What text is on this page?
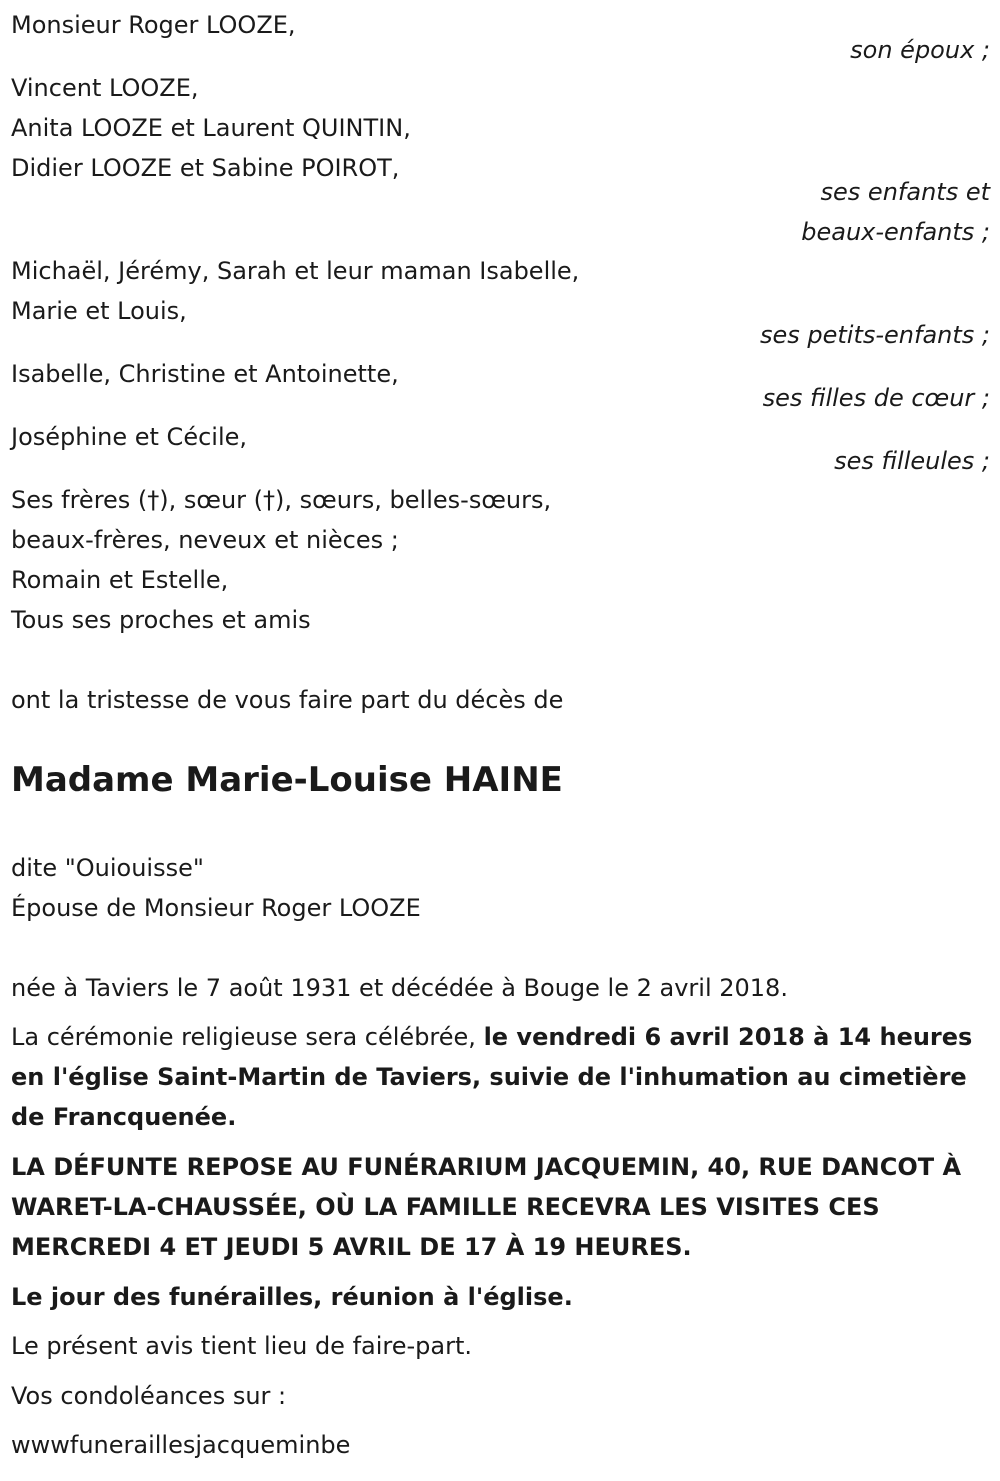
Monsieur Roger LOOZE,
son époux ;
Vincent LOOZE,
Anita LOOZE et Laurent QUINTIN,
Didier LOOZE et Sabine POIROT,
ses enfants et
beaux-enfants ;
Michaël, Jérémy, Sarah et leur maman Isabelle,
Marie et Louis,
ses petits-enfants ;
Isabelle, Christine et Antoinette,
ses filles de cœur ;
Joséphine et Cécile,
ses filleules ;
Ses frères (†), sœur (†), sœurs, belles-sœurs,
beaux-frères, neveux et nièces ;
Romain et Estelle,
Tous ses proches et amis
ont la tristesse de vous faire part du décès de
Madame Marie-Louise HAINE
dite "Ouiouisse"
Épouse de Monsieur Roger LOOZE
née à Taviers le 7 août 1931 et décédée à Bouge le 2 avril 2018.
La cérémonie religieuse sera célébrée, le vendredi 6 avril 2018 à 14 heures en l'église Saint-Martin de Taviers, suivie de l'inhumation au cimetière de Francquenée.
LA DÉFUNTE REPOSE AU FUNÉRARIUM JACQUEMIN, 40, RUE DANCOT À WARET-LA-CHAUSSÉE, OÙ LA FAMILLE RECEVRA LES VISITES CES MERCREDI 4 ET JEUDI 5 AVRIL DE 17 À 19 HEURES.
Le jour des funérailles, réunion à l'église.
Le présent avis tient lieu de faire-part.
Vos condoléances sur :
wwwfuneraillesjacqueminbe
